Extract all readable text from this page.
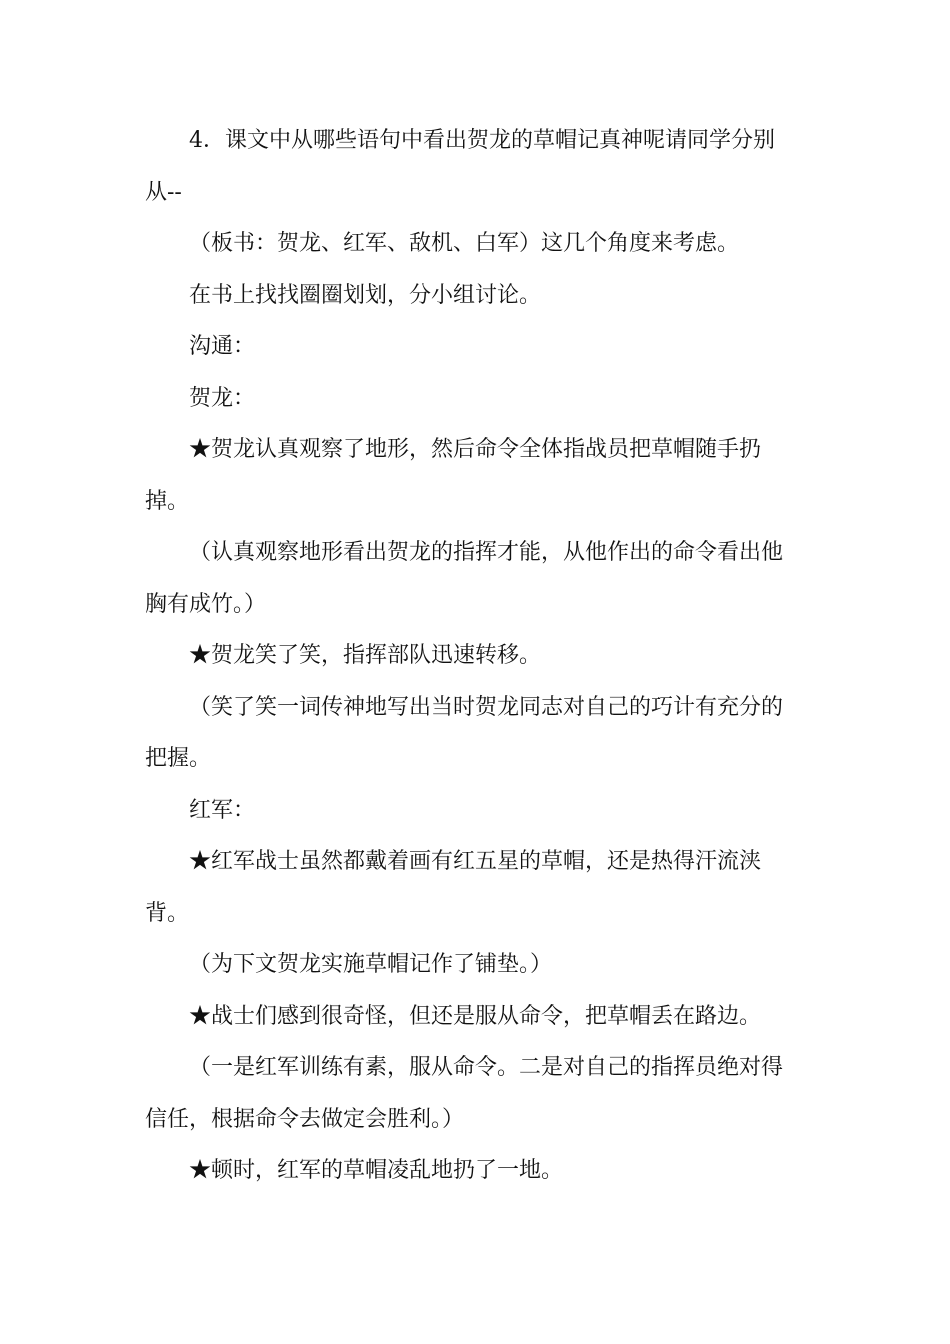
4．课文中从哪些语句中看出贺龙的草帽记真神呢请同学分别从--

（板书：贺龙、红军、敌机、白军）这几个角度来考虑。

在书上找找圈圈划划，分小组讨论。

沟通：

贺龙：

★贺龙认真观察了地形，然后命令全体指战员把草帽随手扔掉。

（认真观察地形看出贺龙的指挥才能，从他作出的命令看出他胸有成竹。）

★贺龙笑了笑，指挥部队迅速转移。

（笑了笑一词传神地写出当时贺龙同志对自己的巧计有充分的把握。

红军：

★红军战士虽然都戴着画有红五星的草帽，还是热得汗流浃背。

（为下文贺龙实施草帽记作了铺垫。）

★战士们感到很奇怪，但还是服从命令，把草帽丢在路边。

（一是红军训练有素，服从命令。二是对自己的指挥员绝对得信任，根据命令去做定会胜利。）

★顿时，红军的草帽凌乱地扔了一地。
